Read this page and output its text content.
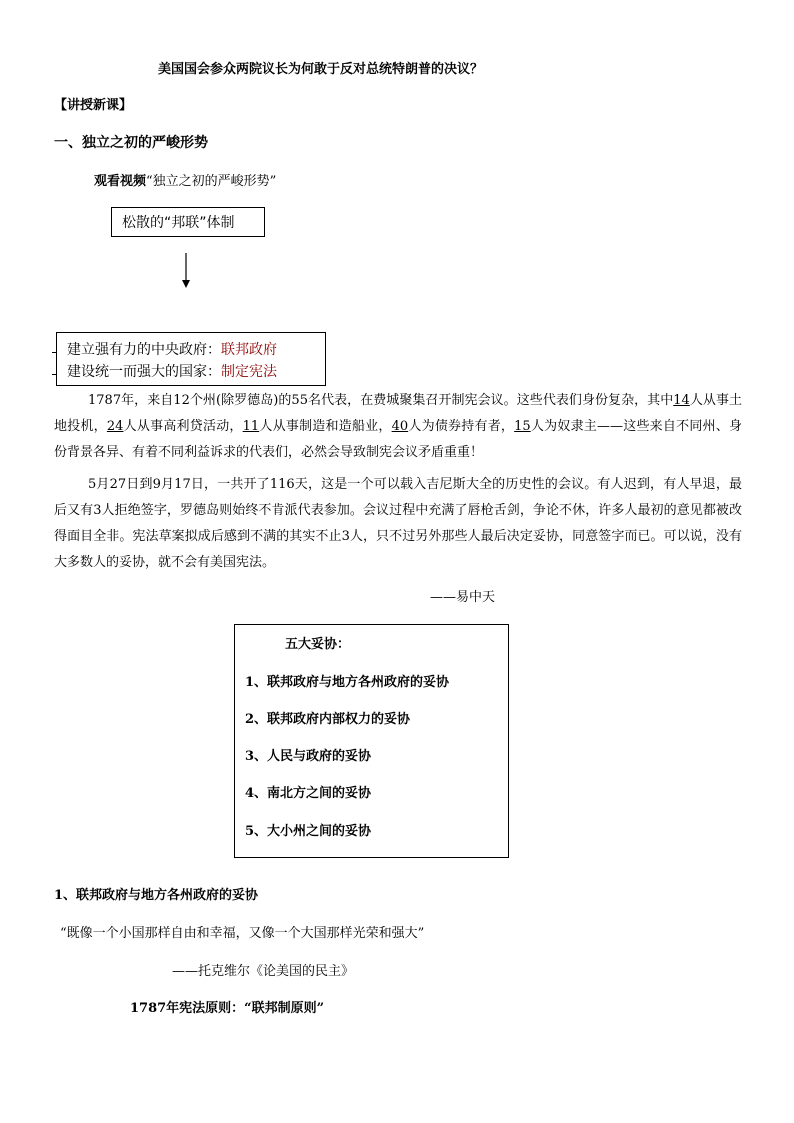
美国国会参众两院议长为何敢于反对总统特朗普的决议？
【讲授新课】
一、独立之初的严峻形势
观看视频“独立之初的严峻形势”
松散的“邦联”体制
建立强有力的中央政府：联邦政府
建设统一而强大的国家：制定宪法
1787年，来自12个州(除罗德岛)的55名代表，在费城聚集召开制宪会议。这些代表们身份复杂，其中14人从事土地投机，24人从事高利贷活动，11人从事制造和造船业，40人为债券持有者，15人为奴隶主——这些来自不同州、身份背景各异、有着不同利益诉求的代表们，必然会导致制宪会议矛盾重重！
5月27日到9月17日，一共开了116天，这是一个可以载入吉尼斯大全的历史性的会议。有人迟到，有人早退，最后又有3人拒绝签字，罗德岛则始终不肯派代表参加。会议过程中充满了唇枪舌剑，争论不休，许多人最初的意见都被改得面目全非。宪法草案拟成后感到不满的其实不止3人，只不过另外那些人最后决定妥协，同意签字而已。可以说，没有大多数人的妥协，就不会有美国宪法。
——易中天
五大妥协：
1、联邦政府与地方各州政府的妥协
2、联邦政府内部权力的妥协
3、人民与政府的妥协
4、南北方之间的妥协
5、大小州之间的妥协
1、联邦政府与地方各州政府的妥协
“既像一个小国那样自由和幸福，又像一个大国那样光荣和强大”
——托克维尔《论美国的民主》
1787年宪法原则：“联邦制原则”
